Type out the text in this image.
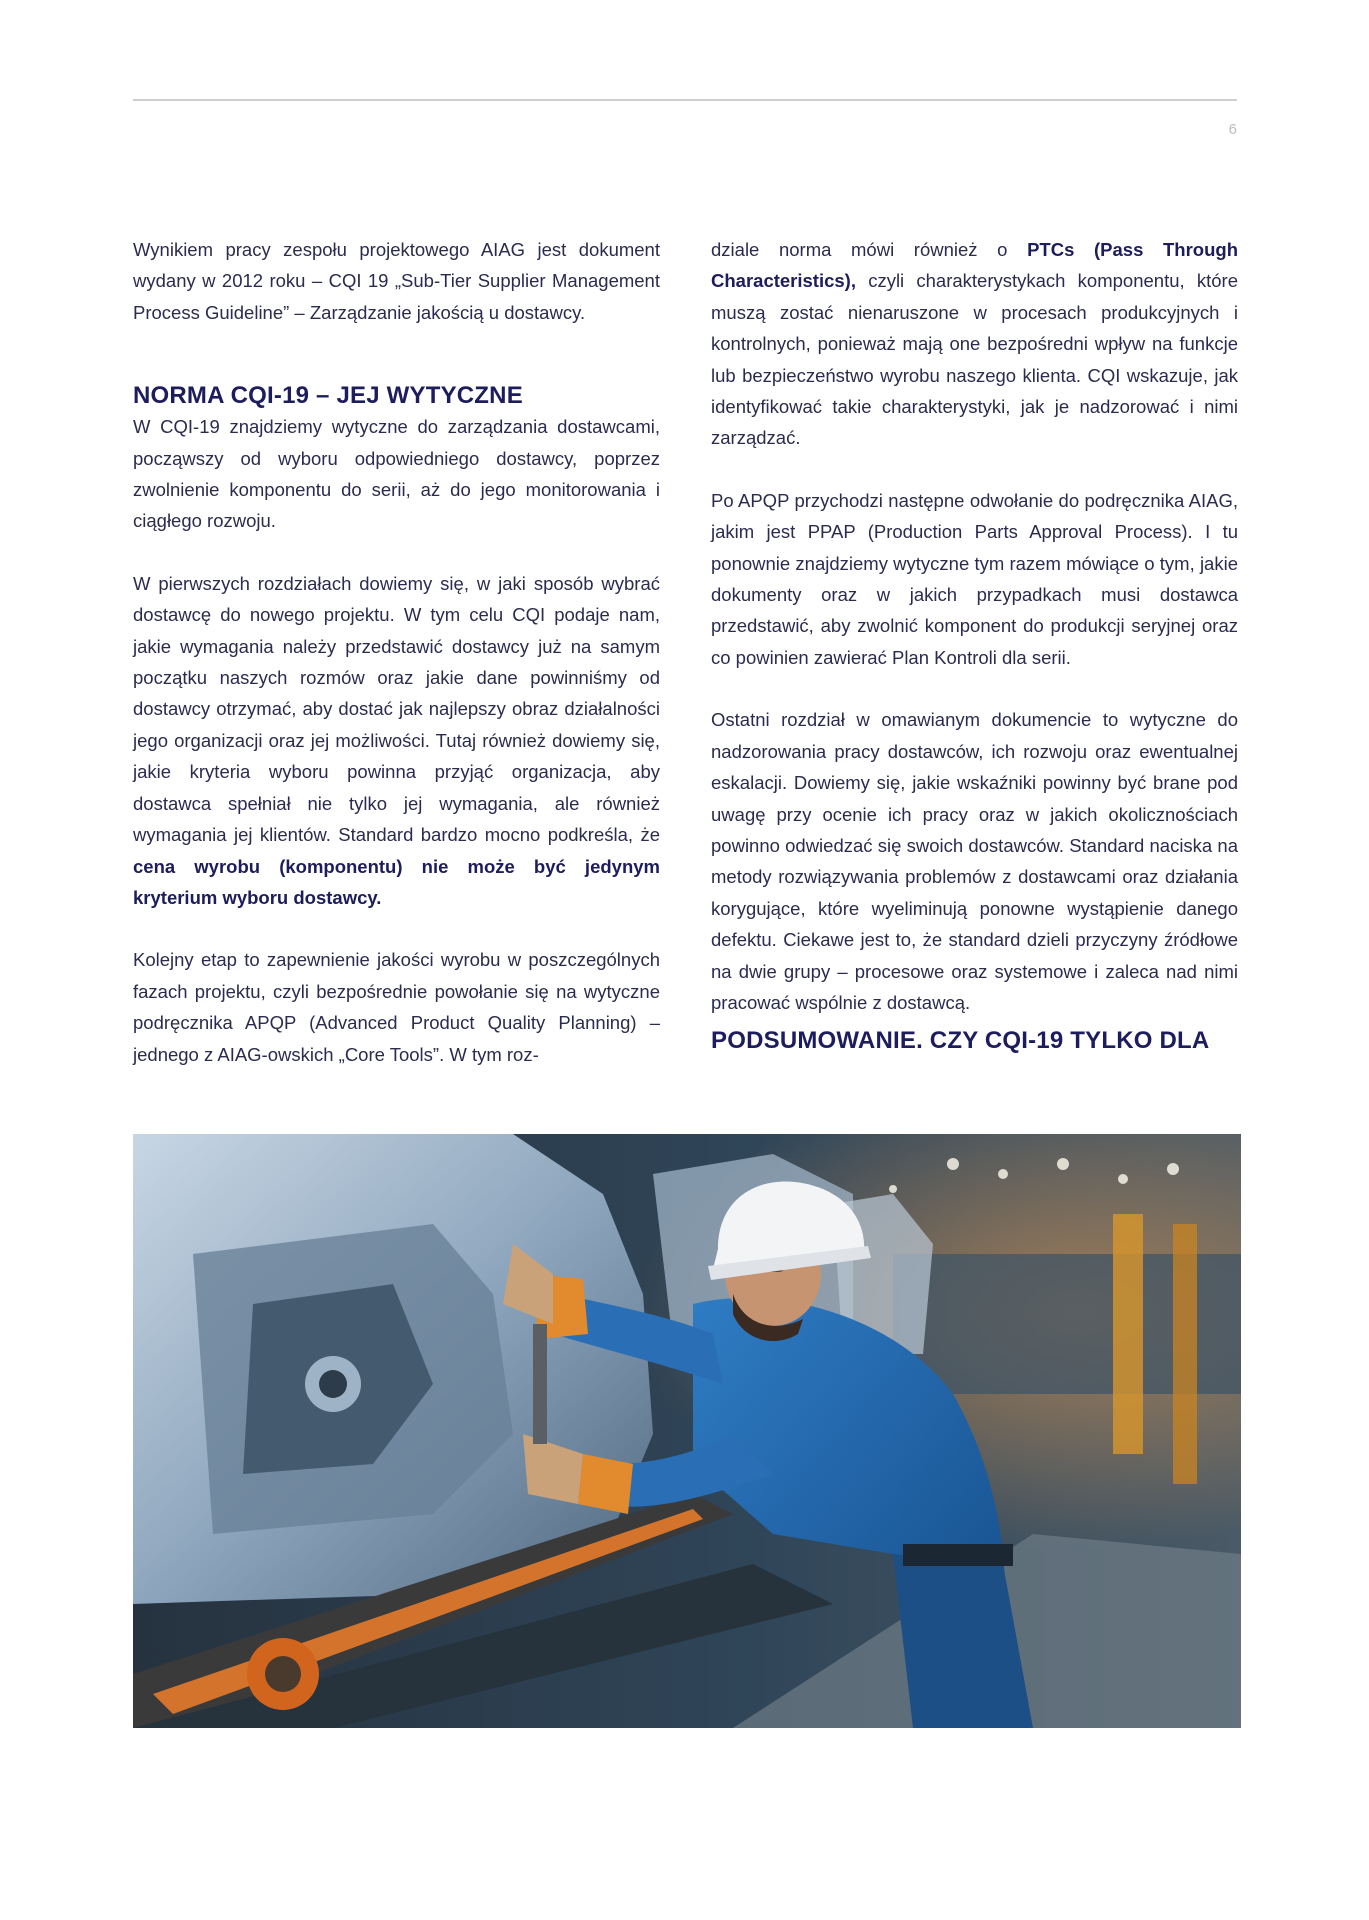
6

Wynikiem pracy zespołu projektowego AIAG jest dokument wydany w 2012 roku – CQI 19 „Sub-Tier Supplier Management Process Guideline” – Zarządzanie jakością u dostawcy.

NORMA CQI-19 – JEJ WYTYCZNE

W CQI-19 znajdziemy wytyczne do zarządzania dostawcami, począwszy od wyboru odpowiedniego dostawcy, poprzez zwolnienie komponentu do serii, aż do jego monitorowania i ciągłego rozwoju.

W pierwszych rozdziałach dowiemy się, w jaki sposób wybrać dostawcę do nowego projektu. W tym celu CQI podaje nam, jakie wymagania należy przedstawić dostawcy już na samym początku naszych rozmów oraz jakie dane powinniśmy od dostawcy otrzymać, aby dostać jak najlepszy obraz działalności jego organizacji oraz jej możliwości. Tutaj również dowiemy się, jakie kryteria wyboru powinna przyjąć organizacja, aby dostawca spełniał nie tylko jej wymagania, ale również wymagania jej klientów. Standard bardzo mocno podkreśla, że cena wyrobu (komponentu) nie może być jedynym kryterium wyboru dostawcy.

Kolejny etap to zapewnienie jakości wyrobu w poszczególnych fazach projektu, czyli bezpośrednie powołanie się na wytyczne podręcznika APQP (Advanced Product Quality Planning) – jednego z AIAG-owskich „Core Tools”. W tym roz-

dziale norma mówi również o PTCs (Pass Through Characteristics), czyli charakterystykach komponentu, które muszą zostać nienaruszone w procesach produkcyjnych i kontrolnych, ponieważ mają one bezpośredni wpływ na funkcje lub bezpieczeństwo wyrobu naszego klienta. CQI wskazuje, jak identyfikować takie charakterystyki, jak je nadzorować i nimi zarządzać.

Po APQP przychodzi następne odwołanie do podręcznika AIAG, jakim jest PPAP (Production Parts Approval Process). I tu ponownie znajdziemy wytyczne tym razem mówiące o tym, jakie dokumenty oraz w jakich przypadkach musi dostawca przedstawić, aby zwolnić komponent do produkcji seryjnej oraz co powinien zawierać Plan Kontroli dla serii.

Ostatni rozdział w omawianym dokumencie to wytyczne do nadzorowania pracy dostawców, ich rozwoju oraz ewentualnej eskalacji. Dowiemy się, jakie wskaźniki powinny być brane pod uwagę przy ocenie ich pracy oraz w jakich okolicznościach powinno odwiedzać się swoich dostawców. Standard naciska na metody rozwiązywania problemów z dostawcami oraz działania korygujące, które wyeliminują ponowne wystąpienie danego defektu. Ciekawe jest to, że standard dzieli przyczyny źródłowe na dwie grupy – procesowe oraz systemowe i zaleca nad nimi pracować wspólnie z dostawcą.

PODSUMOWANIE. CZY CQI-19 TYLKO DLA
